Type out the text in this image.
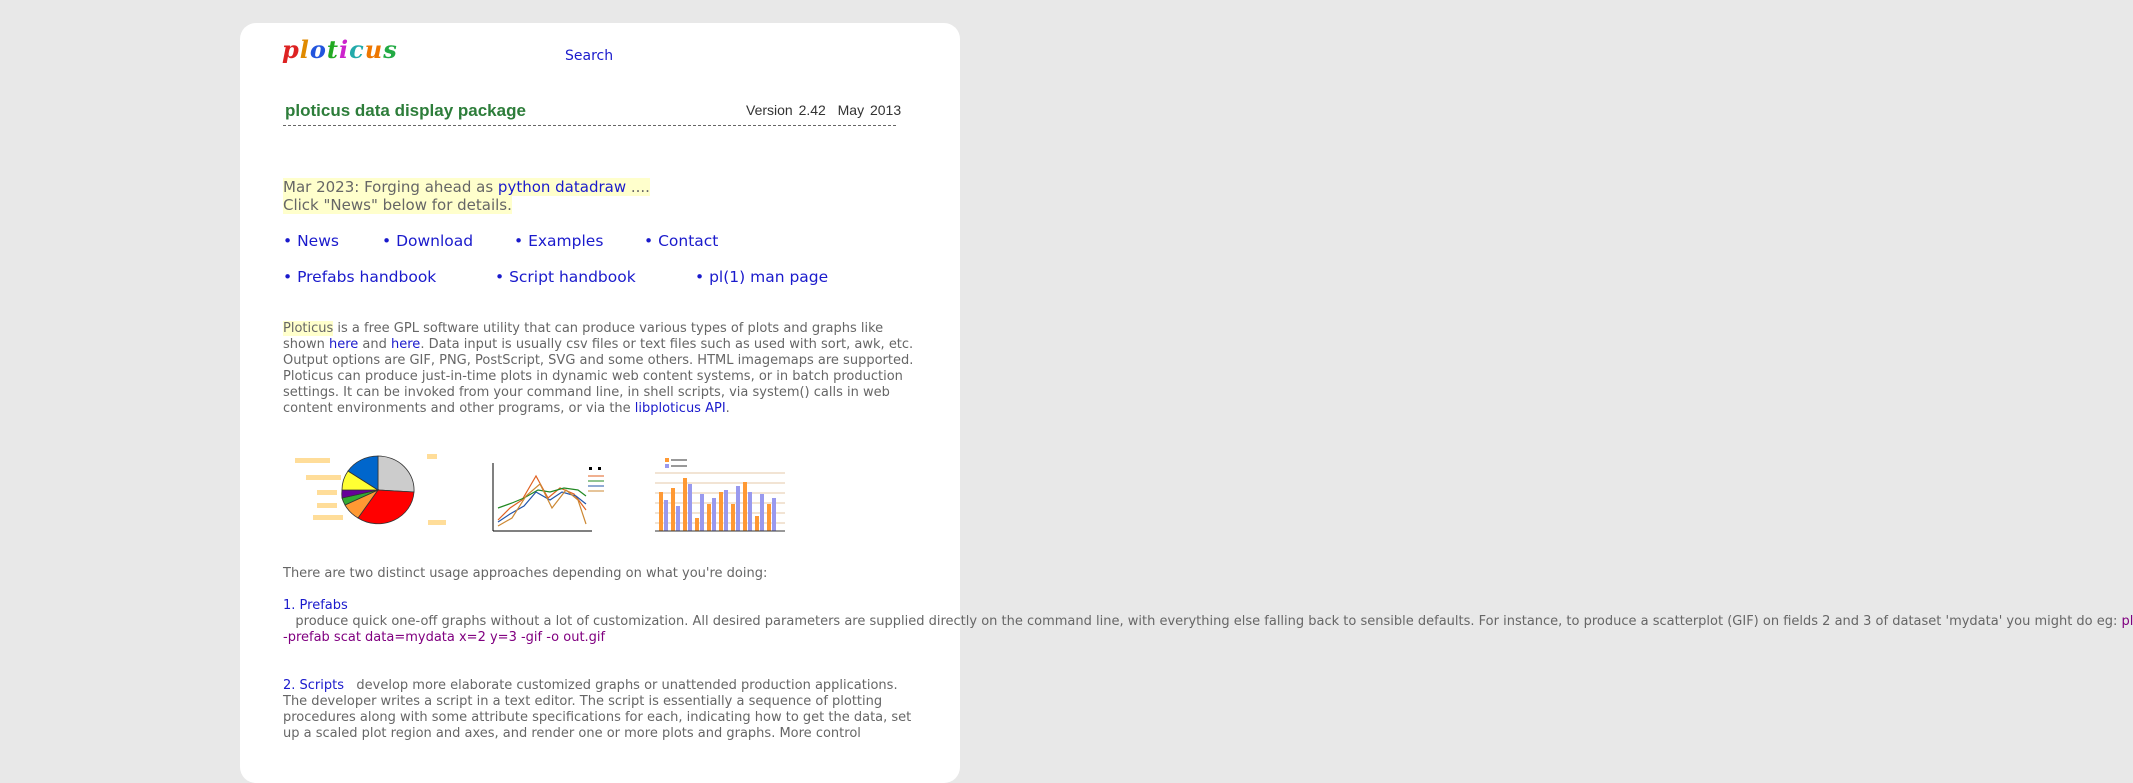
ploticus	Search
ploticus data display package	Version 2.42 May 2013
Mar 2023: Forging ahead as python datadraw ....
Click "News" below for details.
• News	• Download	• Examples	• Contact
• Prefabs handbook	• Script handbook	• pl(1) man page
Ploticus is a free GPL software utility that can produce various types of plots and graphs like shown here and here. Data input is usually csv files or text files such as used with sort, awk, etc. Output options are GIF, PNG, PostScript, SVG and some others. HTML imagemaps are supported. Ploticus can produce just-in-time plots in dynamic web content systems, or in batch production settings. It can be invoked from your command line, in shell scripts, via system() calls in web content environments and other programs, or via the libploticus API.
There are two distinct usage approaches depending on what you're doing:
1. Prefabs   produce quick one-off graphs without a lot of customization. All desired parameters are supplied directly on the command line, with everything else falling back to sensible defaults. For instance, to produce a scatterplot (GIF) on fields 2 and 3 of dataset 'mydata' you might do eg: pl -prefab scat data=mydata x=2 y=3 -gif -o out.gif
2. Scripts   develop more elaborate customized graphs or unattended production applications. The developer writes a script in a text editor. The script is essentially a sequence of plotting procedures along with some attribute specifications for each, indicating how to get the data, set up a scaled plot region and axes, and render one or more plots and graphs. More control
